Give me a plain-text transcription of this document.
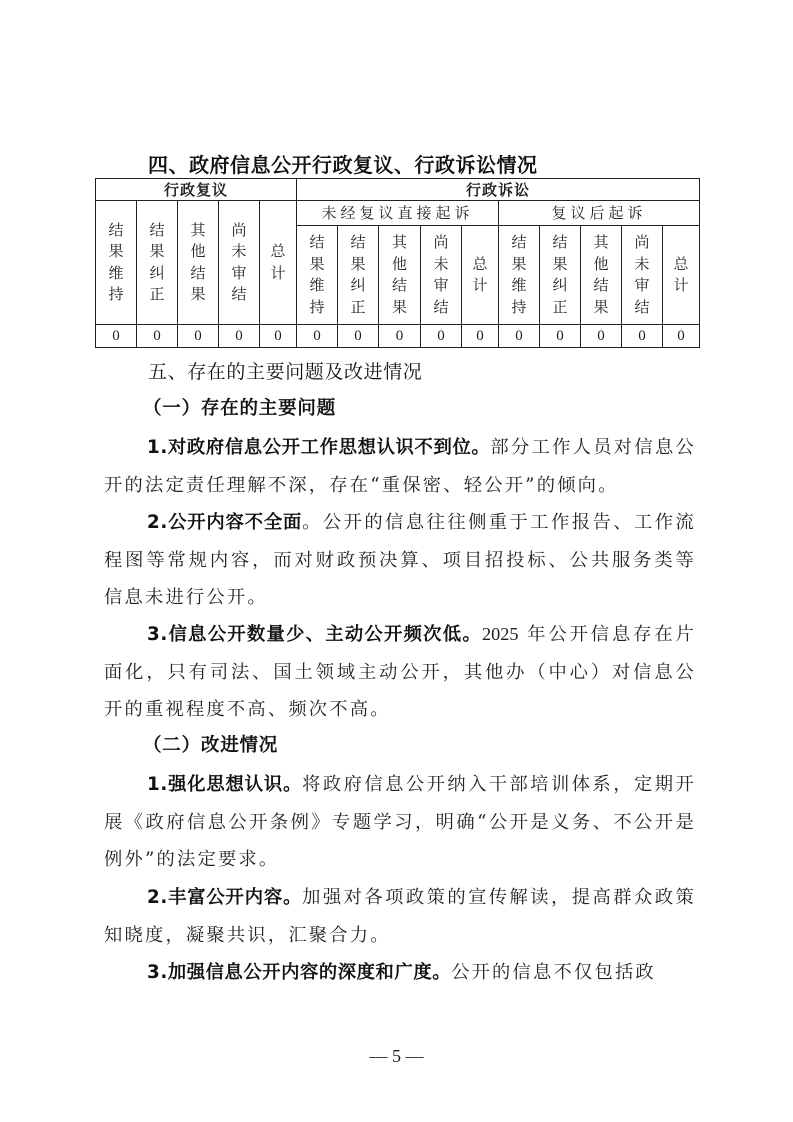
四、政府信息公开行政复议、行政诉讼情况
行政复议					行政诉讼									
结果维持	结果纠正	其他结果	尚未审结	总计	未经复议直接起诉					复议后起诉				
					结果维持	结果纠正	其他结果	尚未审结	总计	结果维持	结果纠正	其他结果	尚未审结	总计
0	0	0	0	0	0	0	0	0	0	0	0	0	0	0
五、存在的主要问题及改进情况
（一）存在的主要问题
1.对政府信息公开工作思想认识不到位。部分工作人员对信息公开的法定责任理解不深，存在“重保密、轻公开”的倾向。
2.公开内容不全面。公开的信息往往侧重于工作报告、工作流程图等常规内容，而对财政预决算、项目招投标、公共服务类等信息未进行公开。
3.信息公开数量少、主动公开频次低。2025 年公开信息存在片面化，只有司法、国土领域主动公开，其他办（中心）对信息公开的重视程度不高、频次不高。
（二）改进情况
1.强化思想认识。将政府信息公开纳入干部培训体系，定期开展《政府信息公开条例》专题学习，明确“公开是义务、不公开是例外”的法定要求。
2.丰富公开内容。加强对各项政策的宣传解读，提高群众政策知晓度，凝聚共识，汇聚合力。
3.加强信息公开内容的深度和广度。公开的信息不仅包括政
— 5 —
